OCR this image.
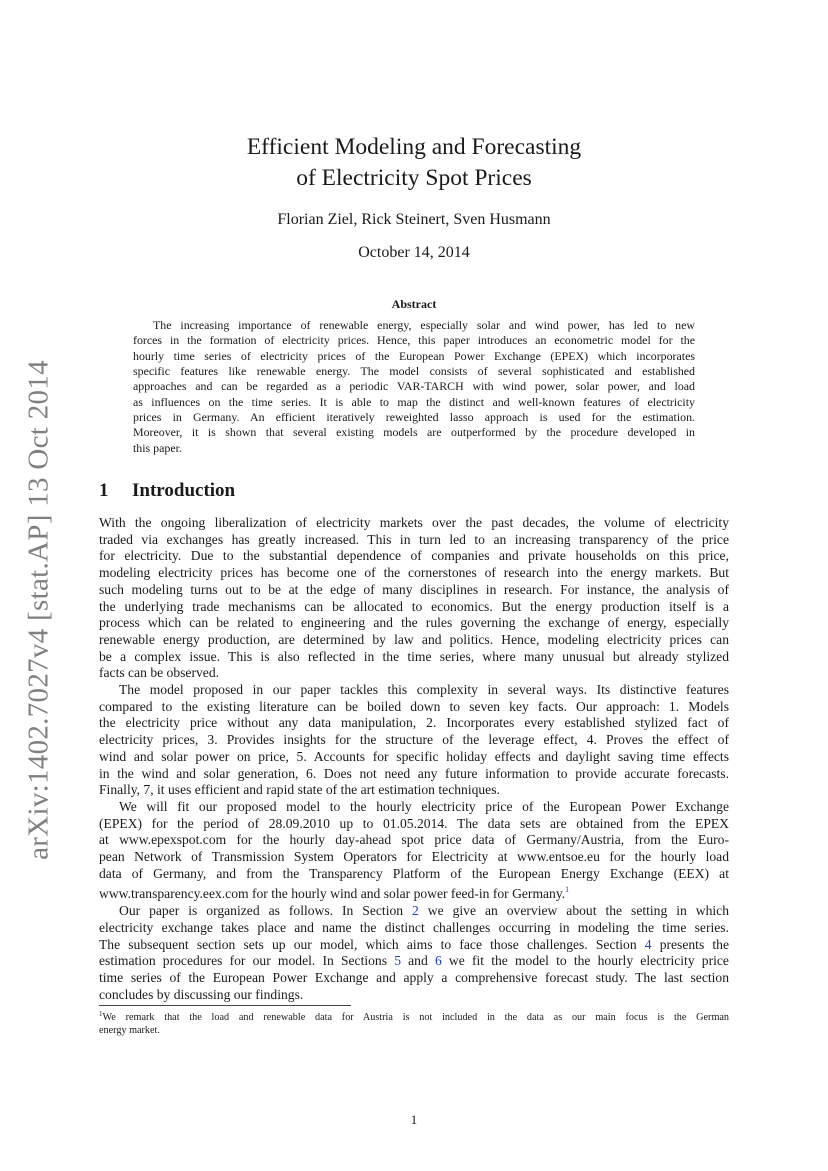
arXiv:1402.7027v4 [stat.AP] 13 Oct 2014
Efficient Modeling and Forecasting
of Electricity Spot Prices
Florian Ziel, Rick Steinert, Sven Husmann
October 14, 2014
Abstract
The increasing importance of renewable energy, especially solar and wind power, has led to new
forces in the formation of electricity prices. Hence, this paper introduces an econometric model for the
hourly time series of electricity prices of the European Power Exchange (EPEX) which incorporates
specific features like renewable energy. The model consists of several sophisticated and established
approaches and can be regarded as a periodic VAR-TARCH with wind power, solar power, and load
as influences on the time series. It is able to map the distinct and well-known features of electricity
prices in Germany. An efficient iteratively reweighted lasso approach is used for the estimation.
Moreover, it is shown that several existing models are outperformed by the procedure developed in
this paper.
1 Introduction
With the ongoing liberalization of electricity markets over the past decades, the volume of electricity
traded via exchanges has greatly increased. This in turn led to an increasing transparency of the price
for electricity. Due to the substantial dependence of companies and private households on this price,
modeling electricity prices has become one of the cornerstones of research into the energy markets. But
such modeling turns out to be at the edge of many disciplines in research. For instance, the analysis of
the underlying trade mechanisms can be allocated to economics. But the energy production itself is a
process which can be related to engineering and the rules governing the exchange of energy, especially
renewable energy production, are determined by law and politics. Hence, modeling electricity prices can
be a complex issue. This is also reflected in the time series, where many unusual but already stylized
facts can be observed.
The model proposed in our paper tackles this complexity in several ways. Its distinctive features
compared to the existing literature can be boiled down to seven key facts. Our approach: 1. Models
the electricity price without any data manipulation, 2. Incorporates every established stylized fact of
electricity prices, 3. Provides insights for the structure of the leverage effect, 4. Proves the effect of
wind and solar power on price, 5. Accounts for specific holiday effects and daylight saving time effects
in the wind and solar generation, 6. Does not need any future information to provide accurate forecasts.
Finally, 7, it uses efficient and rapid state of the art estimation techniques.
We will fit our proposed model to the hourly electricity price of the European Power Exchange
(EPEX) for the period of 28.09.2010 up to 01.05.2014. The data sets are obtained from the EPEX
at www.epexspot.com for the hourly day-ahead spot price data of Germany/Austria, from the Euro-
pean Network of Transmission System Operators for Electricity at www.entsoe.eu for the hourly load
data of Germany, and from the Transparency Platform of the European Energy Exchange (EEX) at
www.transparency.eex.com for the hourly wind and solar power feed-in for Germany.$^1$
Our paper is organized as follows. In Section 2 we give an overview about the setting in which
electricity exchange takes place and name the distinct challenges occurring in modeling the time series.
The subsequent section sets up our model, which aims to face those challenges. Section 4 presents the
estimation procedures for our model. In Sections 5 and 6 we fit the model to the hourly electricity price
time series of the European Power Exchange and apply a comprehensive forecast study. The last section
concludes by discussing our findings.
$^1$We remark that the load and renewable data for Austria is not included in the data as our main focus is the German
energy market.
1
